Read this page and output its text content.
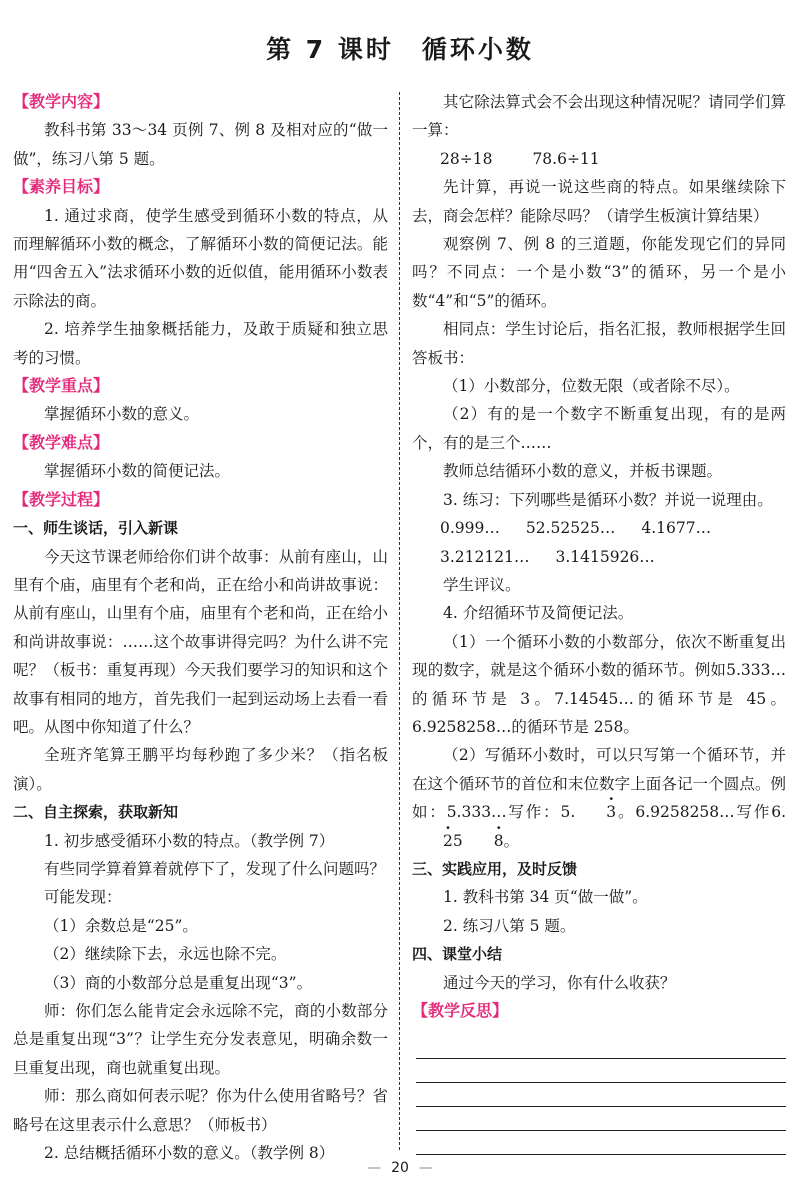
第 7 课时　循环小数

【教学内容】

教科书第 33～34 页例 7、例 8 及相对应的“做一做”，练习八第 5 题。

【素养目标】

1. 通过求商，使学生感受到循环小数的特点，从而理解循环小数的概念，了解循环小数的简便记法。能用“四舍五入”法求循环小数的近似值，能用循环小数表示除法的商。

2. 培养学生抽象概括能力，及敢于质疑和独立思考的习惯。

【教学重点】

掌握循环小数的意义。

【教学难点】

掌握循环小数的简便记法。

【教学过程】

一、师生谈话，引入新课

今天这节课老师给你们讲个故事：从前有座山，山里有个庙，庙里有个老和尚，正在给小和尚讲故事说：从前有座山，山里有个庙，庙里有个老和尚，正在给小和尚讲故事说：……这个故事讲得完吗？为什么讲不完呢？（板书：重复再现）今天我们要学习的知识和这个故事有相同的地方，首先我们一起到运动场上去看一看吧。从图中你知道了什么？

全班齐笔算王鹏平均每秒跑了多少米？（指名板演）。

二、自主探索，获取新知

1. 初步感受循环小数的特点。（教学例 7）

有些同学算着算着就停下了，发现了什么问题吗？

可能发现：

（1）余数总是“25”。

（2）继续除下去，永远也除不完。

（3）商的小数部分总是重复出现“3”。

师：你们怎么能肯定会永远除不完，商的小数部分总是重复出现“3”？让学生充分发表意见，明确余数一旦重复出现，商也就重复出现。

师：那么商如何表示呢？你为什么使用省略号？省略号在这里表示什么意思？（师板书）

2. 总结概括循环小数的意义。（教学例 8）

其它除法算式会不会出现这种情况呢？请同学们算一算：

28÷18	78.6÷11

先计算，再说一说这些商的特点。如果继续除下去，商会怎样？能除尽吗？（请学生板演计算结果）

观察例 7、例 8 的三道题，你能发现它们的异同吗？不同点：一个是小数“3”的循环，另一个是小数“4”和“5”的循环。

相同点：学生讨论后，指名汇报，教师根据学生回答板书：

（1）小数部分，位数无限（或者除不尽）。

（2）有的是一个数字不断重复出现，有的是两个，有的是三个……

教师总结循环小数的意义，并板书课题。

3. 练习：下列哪些是循环小数？并说一说理由。

0.999… 52.52525… 4.1677…
3.212121… 3.1415926…

学生评议。

4. 介绍循环节及简便记法。

（1）一个循环小数的小数部分，依次不断重复出现的数字，就是这个循环小数的循环节。例如5.333…的循环节是 3。7.14545…的循环节是 45。6.9258258…的循环节是 258。

（2）写循环小数时，可以只写第一个循环节，并在这个循环节的首位和末位数字上面各记一个圆点。例如：5.333…写作：5. · 3。6.9258258…写作6.· 25 · 8。

三、实践应用，及时反馈

1. 教科书第 34 页“做一做”。

2. 练习八第 5 题。

四、课堂小结

通过今天的学习，你有什么收获？

【教学反思】

— 20 —
